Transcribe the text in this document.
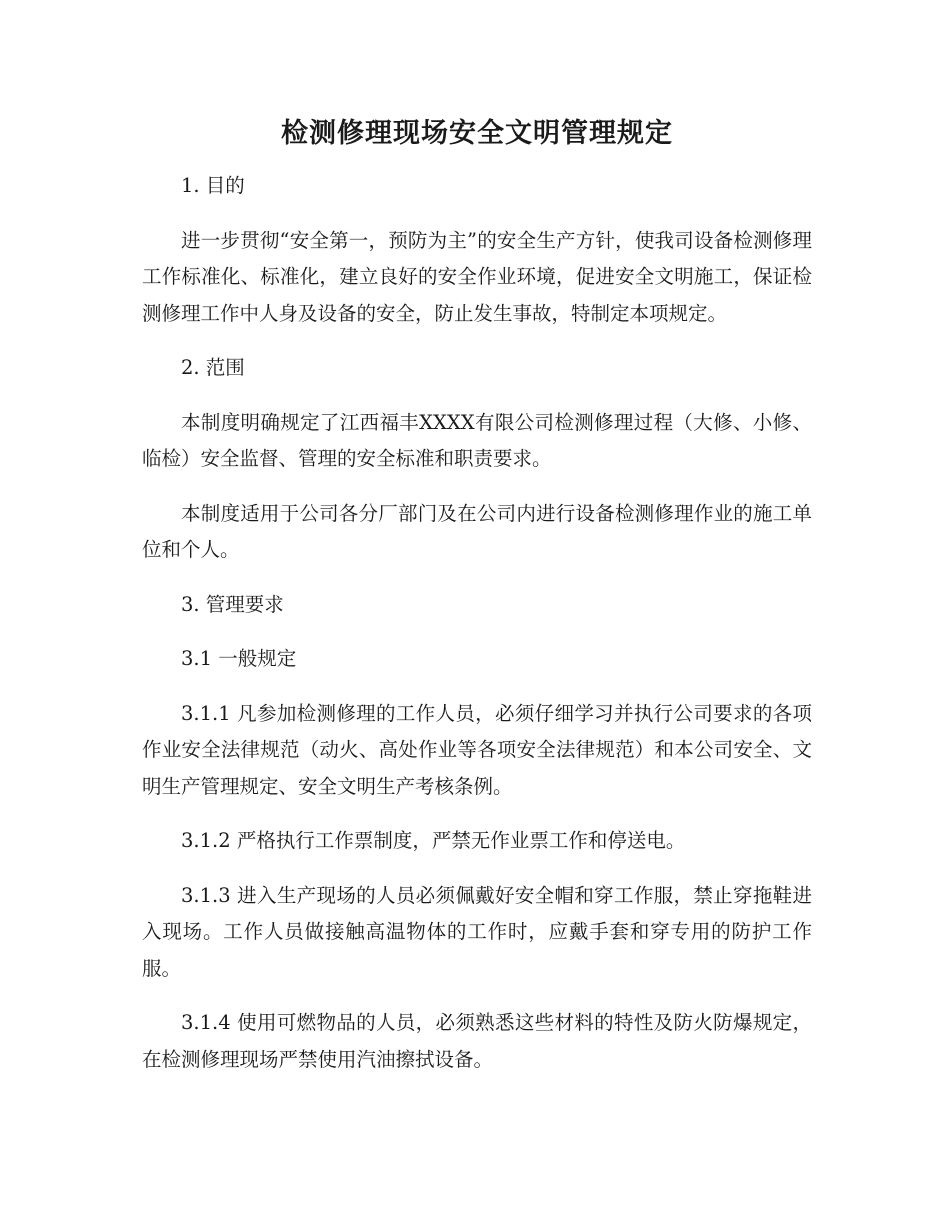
检测修理现场安全文明管理规定

1. 目的

进一步贯彻“安全第一，预防为主”的安全生产方针，使我司设备检测修理工作标准化、标准化，建立良好的安全作业环境，促进安全文明施工，保证检测修理工作中人身及设备的安全，防止发生事故，特制定本项规定。

2. 范围

本制度明确规定了江西福丰XXXX有限公司检测修理过程（大修、小修、临检）安全监督、管理的安全标准和职责要求。

本制度适用于公司各分厂部门及在公司内进行设备检测修理作业的施工单位和个人。

3. 管理要求

3.1 一般规定

3.1.1 凡参加检测修理的工作人员，必须仔细学习并执行公司要求的各项作业安全法律规范（动火、高处作业等各项安全法律规范）和本公司安全、文明生产管理规定、安全文明生产考核条例。

3.1.2 严格执行工作票制度，严禁无作业票工作和停送电。

3.1.3 进入生产现场的人员必须佩戴好安全帽和穿工作服，禁止穿拖鞋进入现场。工作人员做接触高温物体的工作时，应戴手套和穿专用的防护工作服。

3.1.4 使用可燃物品的人员，必须熟悉这些材料的特性及防火防爆规定，在检测修理现场严禁使用汽油擦拭设备。
